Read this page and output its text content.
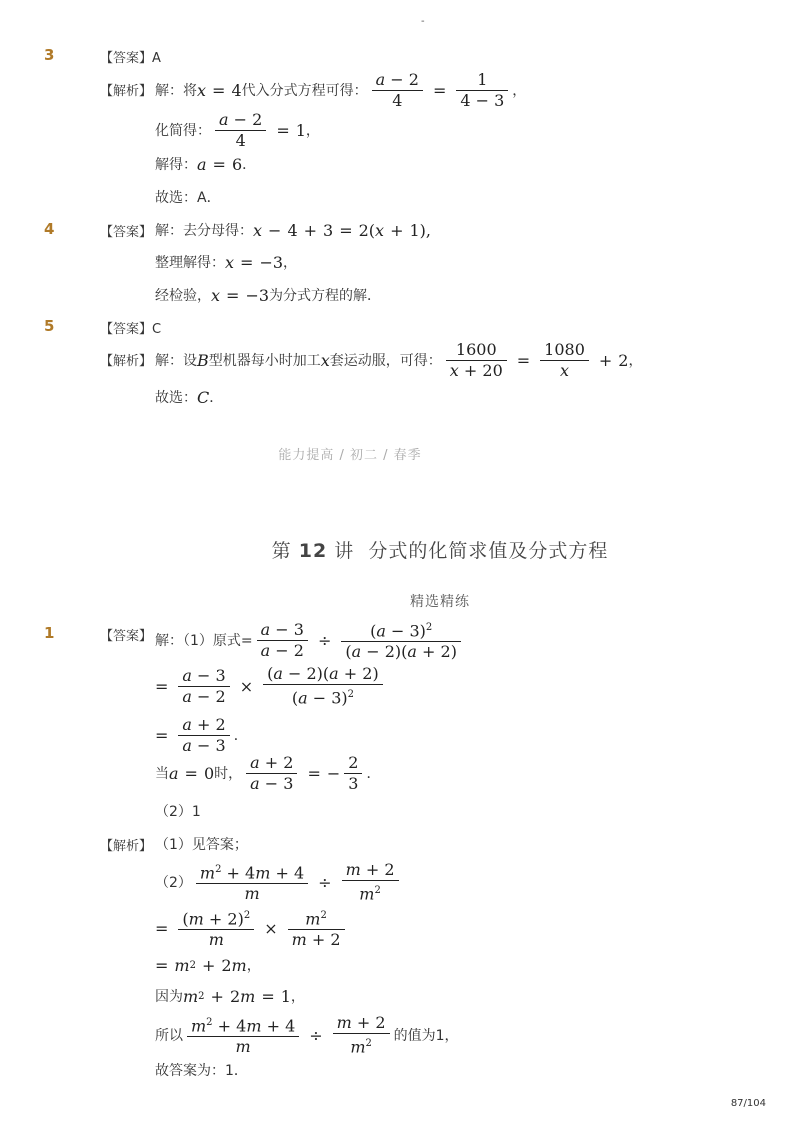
-
3	【答案】A
【解析】 解：将 x = 4 代入分式方程可得： $\frac{a - 2}{4} = \frac{1}{4 - 3}$ ，
化简得： $\frac{a - 2}{4} = 1$ ，
解得： a = 6 ．
故选：A．
4	【答案】 解：去分母得： x − 4 + 3 = 2( x + 1),
整理解得： x = −3 ，
经检验， x = −3 为分式方程的解．
5	【答案】C
【解析】 解：设 B 型机器每小时加工 x 套运动服，可得： $\frac{1600}{x + 20} = \frac{1080}{x} + 2$ ，
故选： C ．
能力提高 / 初二 / 春季
第 12 讲 分式的化简求值及分式方程
精选精练
1	【答案】 解：（1）原式= $\frac{a - 3}{a - 2} \div \frac{(a - 3)^2}{(a - 2)(a + 2)}$
= $\frac{a - 3}{a - 2} \times \frac{(a - 2)(a + 2)}{(a - 3)^2}$
= $\frac{a + 2}{a - 3}$ ．
当 a = 0 时， $\frac{a + 2}{a - 3}$ = − $\frac{2}{3}$ ．
（2）1
【解析】 （1）见答案；
$(2) \frac{m^2 + 4m + 4}{m} \div \frac{m + 2}{m^2}$
= $\frac{(m + 2)^2}{m} \times \frac{m^2}{m + 2}$
= m 2 + 2 m ，
因为 m 2 + 2 m = 1 ，
所以 $\frac{m^2 + 4m + 4}{m} \div \frac{m + 2}{m^2}$ 的值为1，
故答案为：1．
87/104
